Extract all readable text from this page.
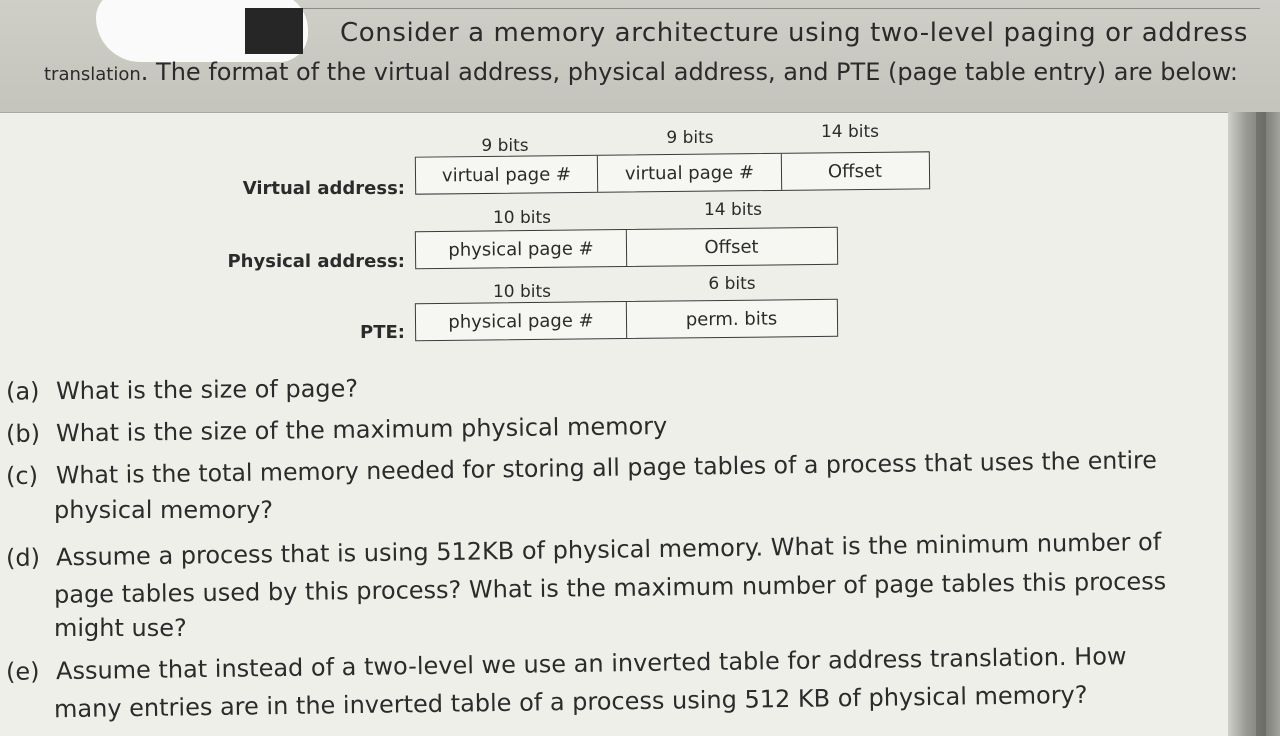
Consider a memory architecture using two-level paging or address
translation. The format of the virtual address, physical address, and PTE (page table entry) are below:
Virtual address:
9 bits	9 bits	14 bits
virtual page #	virtual page #	Offset
Physical address:
10 bits	14 bits
physical page #	Offset
PTE:
10 bits	6 bits
physical page #	perm. bits
(a) What is the size of page?
(b) What is the size of the maximum physical memory
(c) What is the total memory needed for storing all page tables of a process that uses the entire
physical memory?
(d) Assume a process that is using 512KB of physical memory. What is the minimum number of
page tables used by this process? What is the maximum number of page tables this process
might use?
(e) Assume that instead of a two-level we use an inverted table for address translation. How
many entries are in the inverted table of a process using 512 KB of physical memory?
